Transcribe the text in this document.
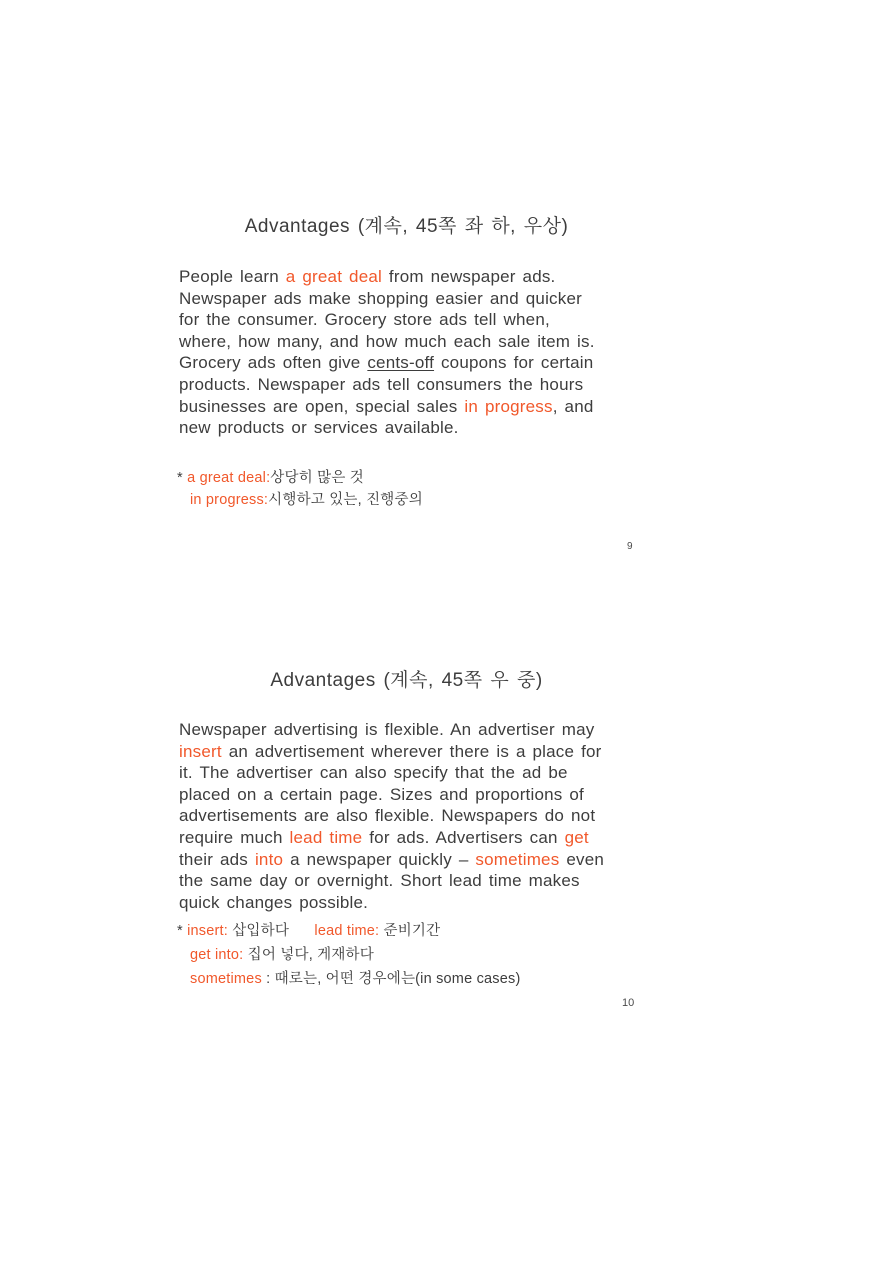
Advantages (계속, 45쪽 좌 하, 우상)
People learn a great deal from newspaper ads.
Newspaper ads make shopping easier and quicker
for the consumer. Grocery store ads tell when,
where, how many, and how much each sale item is.
Grocery ads often give cents-off coupons for certain
products. Newspaper ads tell consumers the hours
businesses are open, special sales in progress, and
new products or services available.
* a great deal:상당히 많은 것
in progress:시행하고 있는, 진행중의
9
Advantages (계속, 45쪽 우 중)
Newspaper advertising is flexible. An advertiser may
insert an advertisement wherever there is a place for
it. The advertiser can also specify that the ad be
placed on a certain page. Sizes and proportions of
advertisements are also flexible. Newspapers do not
require much lead time for ads. Advertisers can get
their ads into a newspaper quickly – sometimes even
the same day or overnight. Short lead time makes
quick changes possible.
* insert: 삽입하다      lead time: 준비기간
get into: 집어 넣다, 게재하다
sometimes : 때로는, 어떤 경우에는(in some cases)
10
